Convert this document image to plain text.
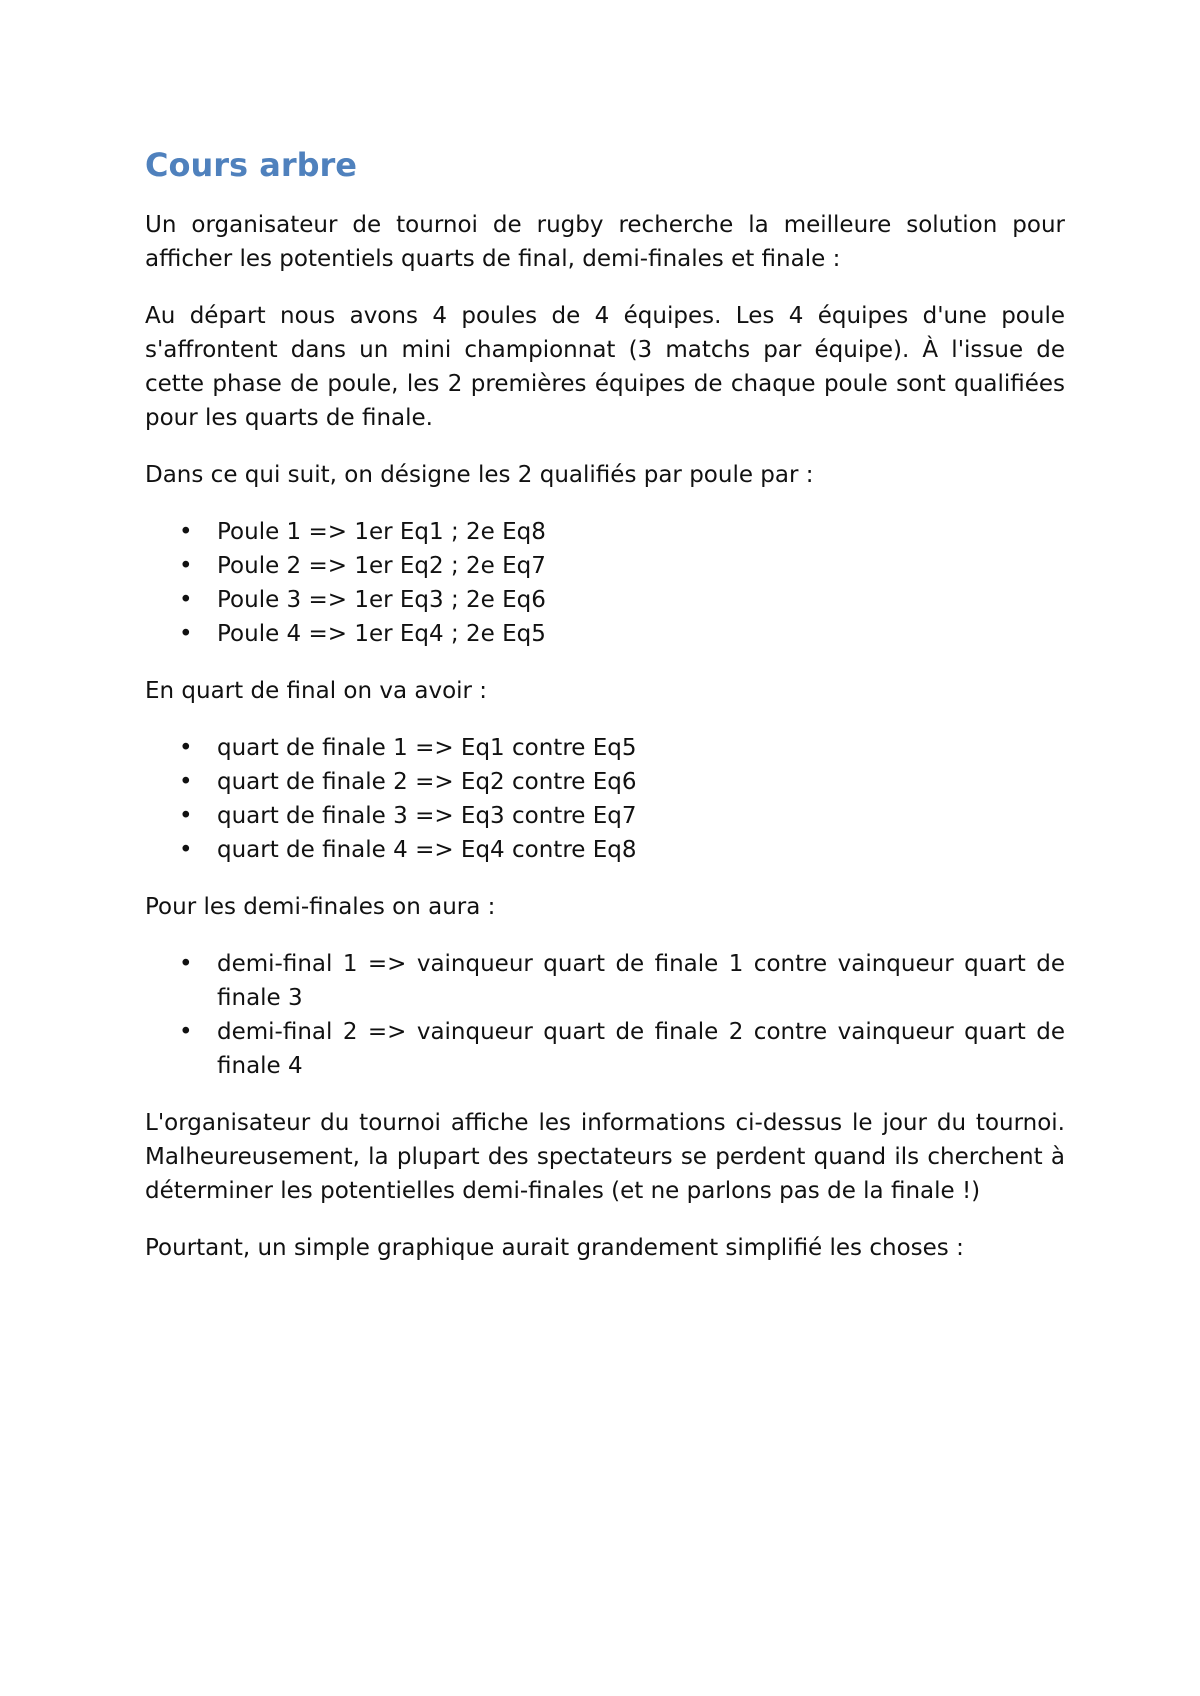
Cours arbre

Un organisateur de tournoi de rugby recherche la meilleure solution pour afficher les potentiels quarts de final, demi-finales et finale :

Au départ nous avons 4 poules de 4 équipes. Les 4 équipes d'une poule s'affrontent dans un mini championnat (3 matchs par équipe). À l'issue de cette phase de poule, les 2 premières équipes de chaque poule sont qualifiées pour les quarts de finale.

Dans ce qui suit, on désigne les 2 qualifiés par poule par :

• Poule 1 => 1er Eq1 ; 2e Eq8
• Poule 2 => 1er Eq2 ; 2e Eq7
• Poule 3 => 1er Eq3 ; 2e Eq6
• Poule 4 => 1er Eq4 ; 2e Eq5

En quart de final on va avoir :

• quart de finale 1 => Eq1 contre Eq5
• quart de finale 2 => Eq2 contre Eq6
• quart de finale 3 => Eq3 contre Eq7
• quart de finale 4 => Eq4 contre Eq8

Pour les demi-finales on aura :

• demi-final 1 => vainqueur quart de finale 1 contre vainqueur quart de finale 3
• demi-final 2 => vainqueur quart de finale 2 contre vainqueur quart de finale 4

L'organisateur du tournoi affiche les informations ci-dessus le jour du tournoi. Malheureusement, la plupart des spectateurs se perdent quand ils cherchent à déterminer les potentielles demi-finales (et ne parlons pas de la finale !)

Pourtant, un simple graphique aurait grandement simplifié les choses :
